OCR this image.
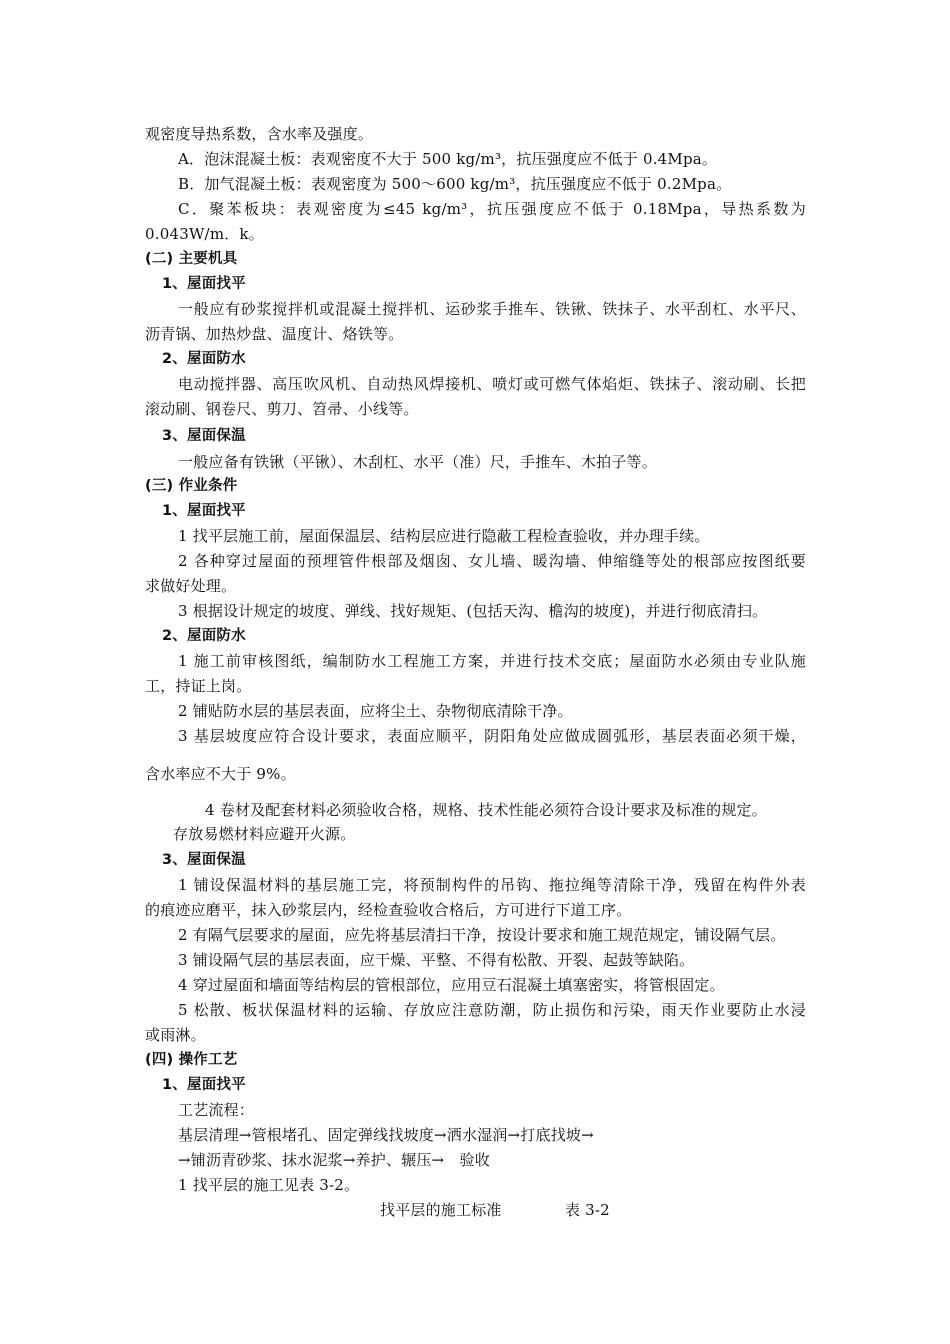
观密度导热系数，含水率及强度。
A．泡沫混凝土板：表观密度不大于 500 kg/m³，抗压强度应不低于 0.4Mpa。
B．加气混凝土板：表观密度为 500～600 kg/m³，抗压强度应不低于 0.2Mpa。
C．聚苯板块：表观密度为≤45 kg/m³，抗压强度应不低于 0.18Mpa，导热系数为
0.043W/m．k。
(二) 主要机具
1、屋面找平
一般应有砂浆搅拌机或混凝土搅拌机、运砂浆手推车、铁锹、铁抹子、水平刮杠、水平尺、
沥青锅、加热炒盘、温度计、烙铁等。
2、屋面防水
电动搅拌器、高压吹风机、自动热风焊接机、喷灯或可燃气体焰炬、铁抹子、滚动刷、长把
滚动刷、钢卷尺、剪刀、笤帚、小线等。
3、屋面保温
一般应备有铁锹（平锹）、木刮杠、水平（准）尺，手推车、木拍子等。
(三) 作业条件
1、屋面找平
1 找平层施工前，屋面保温层、结构层应进行隐蔽工程检查验收，并办理手续。
2 各种穿过屋面的预埋管件根部及烟囱、女儿墙、暖沟墙、伸缩缝等处的根部应按图纸要
求做好处理。
3 根据设计规定的坡度、弹线、找好规矩、(包括天沟、檐沟的坡度)，并进行彻底清扫。
2、屋面防水
1 施工前审核图纸，编制防水工程施工方案，并进行技术交底；屋面防水必须由专业队施
工，持证上岗。
2 铺贴防水层的基层表面，应将尘土、杂物彻底清除干净。
3 基层坡度应符合设计要求，表面应顺平，阴阳角处应做成圆弧形，基层表面必须干燥，
含水率应不大于 9%。
4 卷材及配套材料必须验收合格，规格、技术性能必须符合设计要求及标准的规定。
存放易燃材料应避开火源。
3、屋面保温
1 铺设保温材料的基层施工完，将预制构件的吊钩、拖拉绳等清除干净，残留在构件外表
的痕迹应磨平，抹入砂浆层内，经检查验收合格后，方可进行下道工序。
2 有隔气层要求的屋面，应先将基层清扫干净，按设计要求和施工规范规定，铺设隔气层。
3 铺设隔气层的基层表面，应干燥、平整、不得有松散、开裂、起鼓等缺陷。
4 穿过屋面和墙面等结构层的管根部位，应用豆石混凝土填塞密实，将管根固定。
5 松散、板状保温材料的运输、存放应注意防潮，防止损伤和污染，雨天作业要防止水浸
或雨淋。
(四) 操作工艺
1、屋面找平
工艺流程：
基层清理→管根堵孔、固定弹线找坡度→洒水湿润→打底找坡→
→铺沥青砂浆、抹水泥浆→养护、辗压→　验收
1 找平层的施工见表 3-2。
找平层的施工标准	表 3-2
